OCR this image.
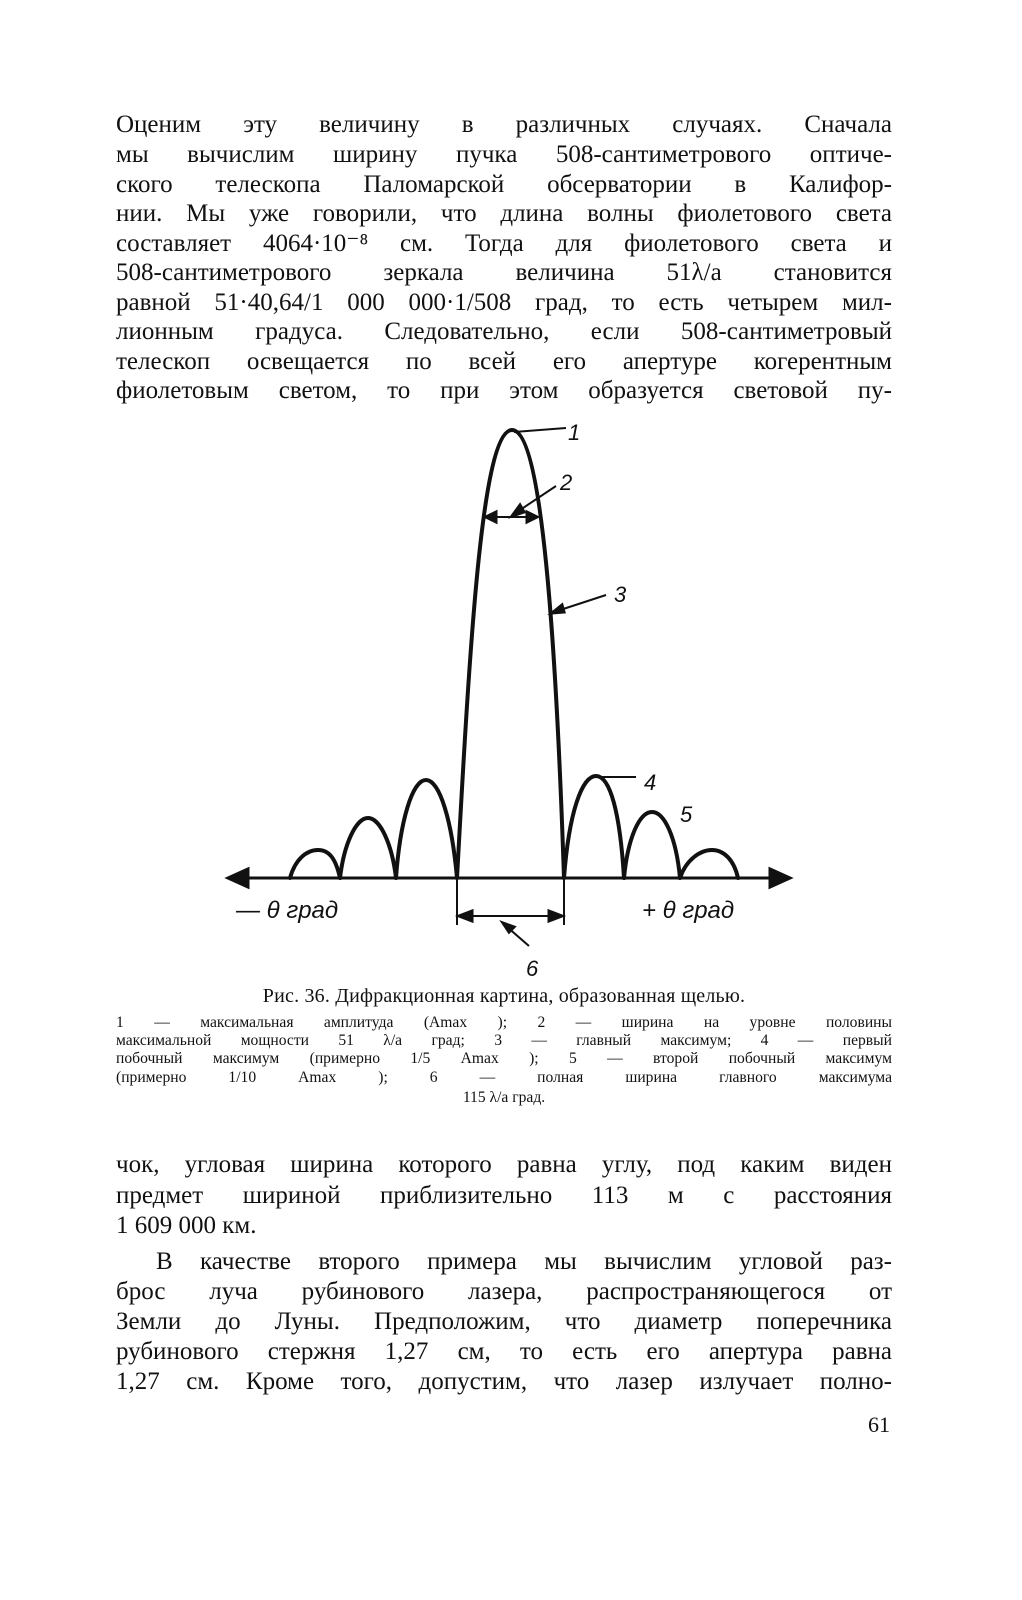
Оценим эту величину в различных случаях. Сначала

мы вычислим ширину пучка 508-сантиметрового оптиче-

ского телескопа Паломарской обсерватории в Калифор-

нии. Мы уже говорили, что длина волны фиолетового света

составляет 4064·10⁻⁸ см. Тогда для фиолетового света и

508-сантиметрового зеркала величина 51λ/a становится

равной 51·40,64/1 000 000·1/508 град, то есть четырем мил-

лионным градуса. Следовательно, если 508-сантиметровый

телескоп освещается по всей его апертуре когерентным

фиолетовым светом, то при этом образуется световой пу-

1
2
3
4
5
6
— θ град	+ θ град
Рис. 36. Дифракционная картина, образованная щелью.
1 — максимальная амплитуда (Amax ); 2 — ширина на уровне половины
максимальной мощности 51 λ/a град; 3 — главный максимум; 4 — первый
побочный максимум (примерно 1/5 Amax ); 5 — второй побочный максимум
(примерно 1/10 Amax ); 6 — полная ширина главного максимума
115 λ/a град.

чок, угловая ширина которого равна углу, под каким виден

предмет шириной приблизительно 113 м с расстояния

1 609 000 км.

В качестве второго примера мы вычислим угловой раз-

брос луча рубинового лазера, распространяющегося от

Земли до Луны. Предположим, что диаметр поперечника

рубинового стержня 1,27 см, то есть его апертура равна

1,27 см. Кроме того, допустим, что лазер излучает полно-

61
